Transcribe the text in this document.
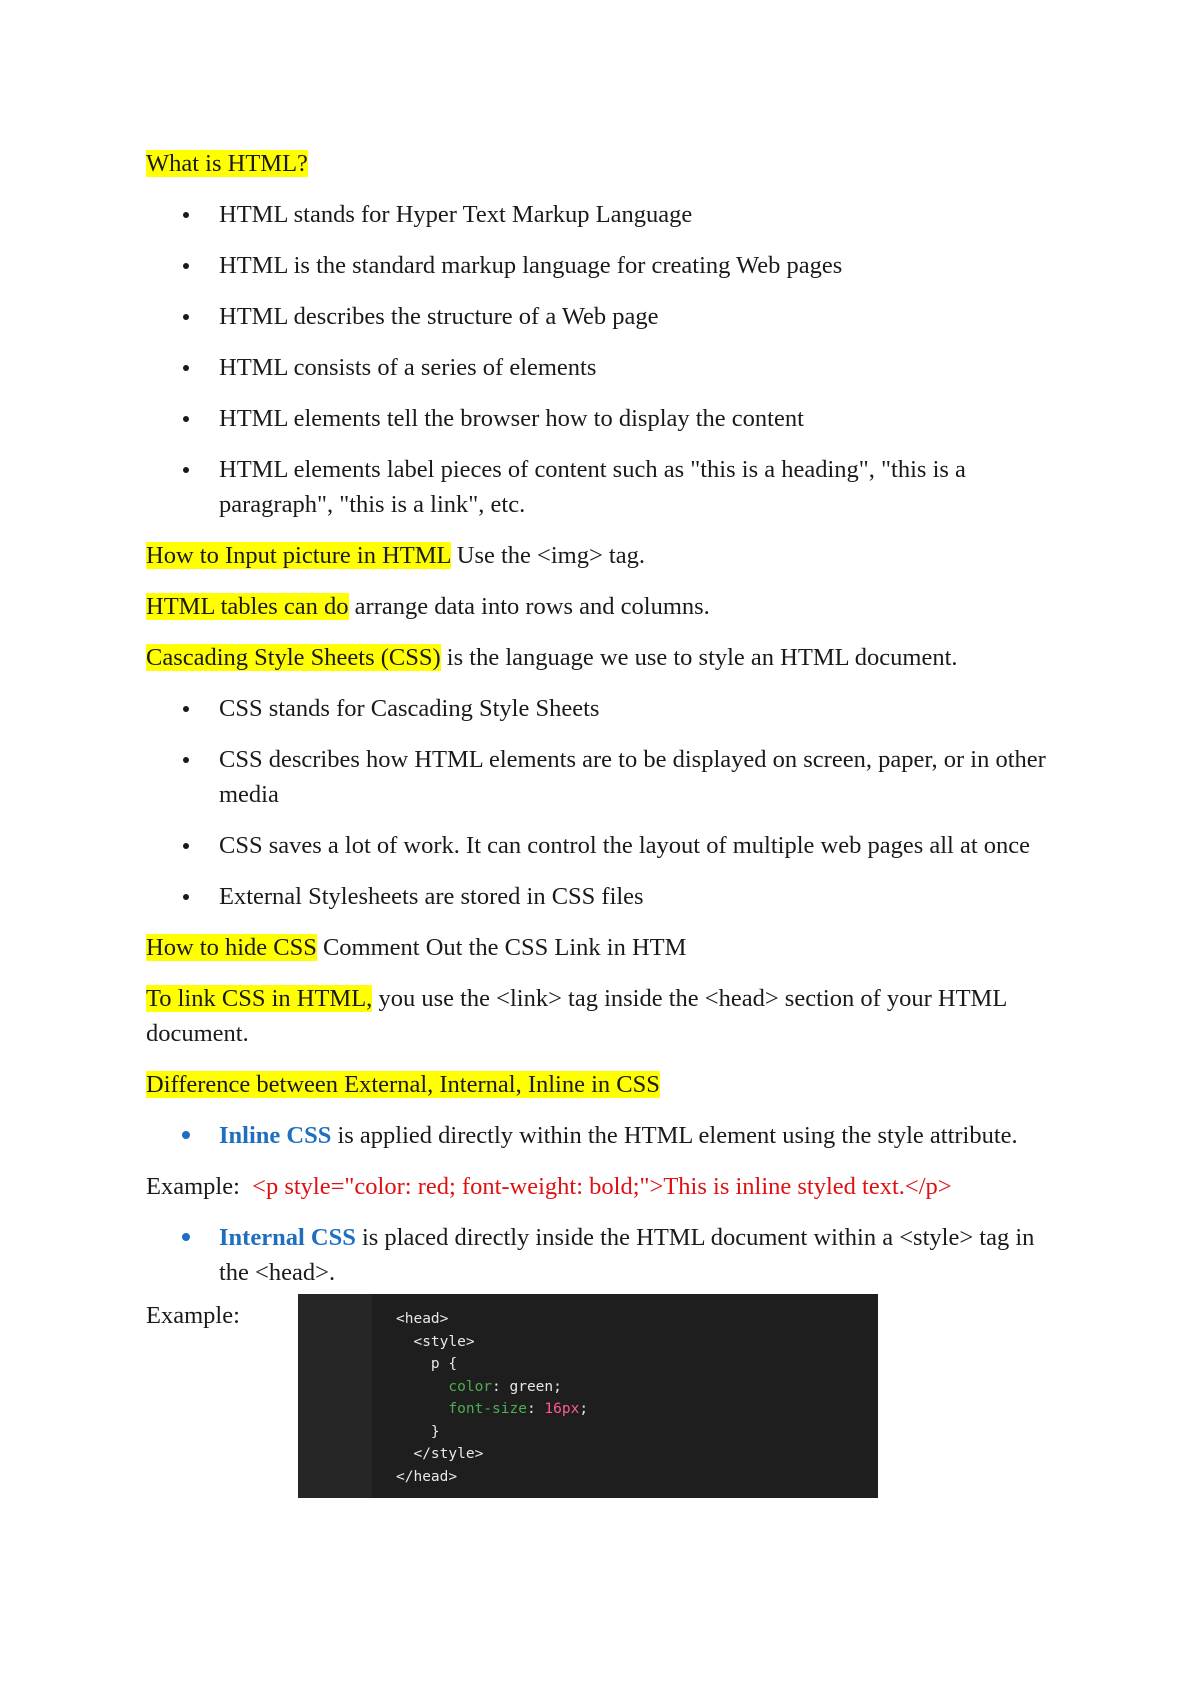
What is HTML?

HTML stands for Hyper Text Markup Language
HTML is the standard markup language for creating Web pages
HTML describes the structure of a Web page
HTML consists of a series of elements
HTML elements tell the browser how to display the content
HTML elements label pieces of content such as "this is a heading", "this is a paragraph", "this is a link", etc.

How to Input picture in HTML Use the <img> tag.

HTML tables can do arrange data into rows and columns.

Cascading Style Sheets (CSS) is the language we use to style an HTML document.

CSS stands for Cascading Style Sheets
CSS describes how HTML elements are to be displayed on screen, paper, or in other media
CSS saves a lot of work. It can control the layout of multiple web pages all at once
External Stylesheets are stored in CSS files

How to hide CSS Comment Out the CSS Link in HTM

To link CSS in HTML, you use the <link> tag inside the <head> section of your HTML document.

Difference between External, Internal, Inline in CSS

Inline CSS is applied directly within the HTML element using the style attribute.

Example: <p style="color: red; font-weight: bold;">This is inline styled text.</p>

Internal CSS is placed directly inside the HTML document within a <style> tag in the <head>.
Example:	<head>
<style>
p {
color: green;
font-size: 16px;
}
</style>
</head>
